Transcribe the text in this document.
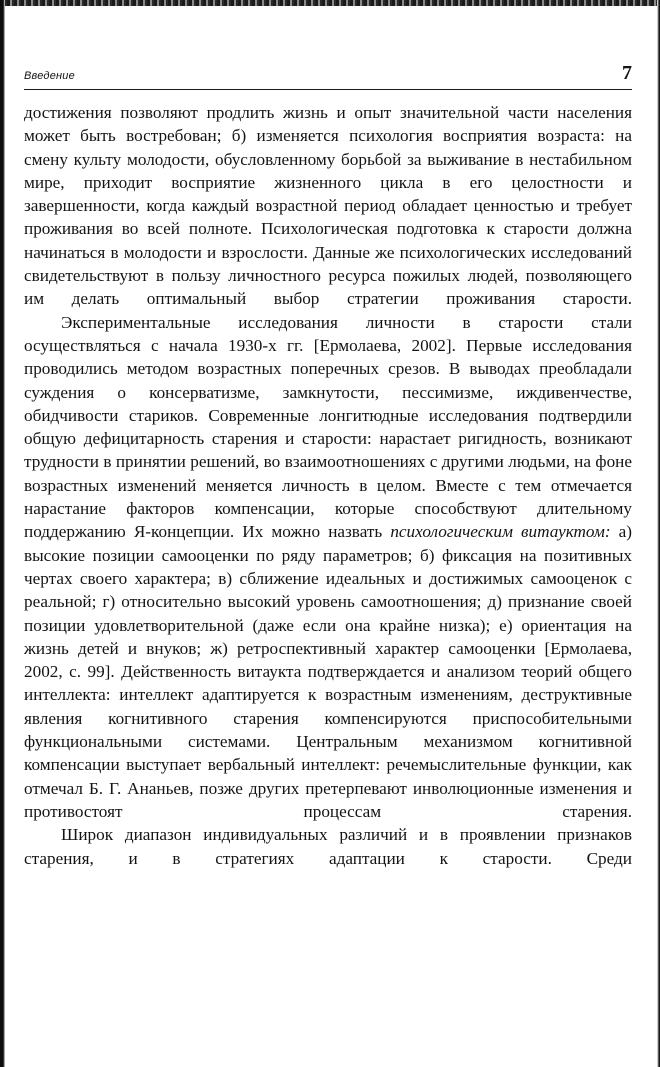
Введение	7

достижения позволяют продлить жизнь и опыт значительной части населения может быть востребован; б) изменяется психология восприятия возраста: на смену культу молодости, обусловленному борьбой за выживание в нестабильном мире, приходит восприятие жизненного цикла в его целостности и завершенности, когда каждый возрастной период обладает ценностью и требует проживания во всей полноте. Психологическая подготовка к старости должна начинаться в молодости и взрослости. Данные же психологических исследований свидетельствуют в пользу личностного ресурса пожилых людей, позволяющего им делать оптимальный выбор стратегии проживания старости.

Экспериментальные исследования личности в старости стали осуществляться с начала 1930-х гг. [Ермолаева, 2002]. Первые исследования проводились методом возрастных поперечных срезов. В выводах преобладали суждения о консерватизме, замкнутости, пессимизме, иждивенчестве, обидчивости стариков. Современные лонгитюдные исследования подтвердили общую дефицитарность старения и старости: нарастает ригидность, возникают трудности в принятии решений, во взаимоотношениях с другими людьми, на фоне возрастных изменений меняется личность в целом. Вместе с тем отмечается нарастание факторов компенсации, которые способствуют длительному поддержанию Я-концепции. Их можно назвать психологическим витауктом: а) высокие позиции самооценки по ряду параметров; б) фиксация на позитивных чертах своего характера; в) сближение идеальных и достижимых самооценок с реальной; г) относительно высокий уровень самоотношения; д) признание своей позиции удовлетворительной (даже если она крайне низка); е) ориентация на жизнь детей и внуков; ж) ретроспективный характер самооценки [Ермолаева, 2002, с. 99]. Действенность витаукта подтверждается и анализом теорий общего интеллекта: интеллект адаптируется к возрастным изменениям, деструктивные явления когнитивного старения компенсируются приспособительными функциональными системами. Центральным механизмом когнитивной компенсации выступает вербальный интеллект: речемыслительные функции, как отмечал Б. Г. Ананьев, позже других претерпевают инволюционные изменения и противостоят процессам старения.

Широк диапазон индивидуальных различий и в проявлении признаков старения, и в стратегиях адаптации к старости. Среди
